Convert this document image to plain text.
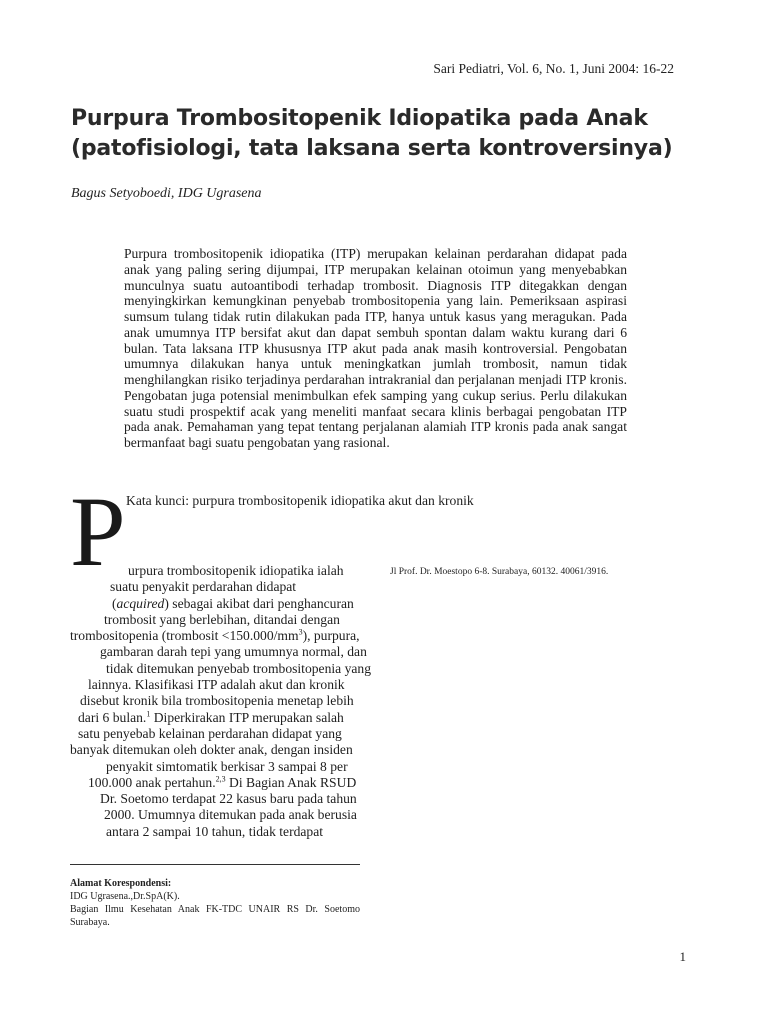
Sari Pediatri, Vol. 6, No. 1, Juni 2004: 16-22
Purpura Trombositopenik Idiopatika pada Anak
(patofisiologi, tata laksana serta kontroversinya)
Bagus Setyoboedi, IDG Ugrasena

Purpura trombositopenik idiopatika (ITP) merupakan kelainan perdarahan didapat pada anak yang paling sering dijumpai, ITP merupakan kelainan otoimun yang menyebabkan munculnya suatu autoantibodi terhadap trombosit. Diagnosis ITP ditegakkan dengan menyingkirkan kemungkinan penyebab trombositopenia yang lain. Pemeriksaan aspirasi sumsum tulang tidak rutin dilakukan pada ITP, hanya untuk kasus yang meragukan. Pada anak umumnya ITP bersifat akut dan dapat sembuh spontan dalam waktu kurang dari 6 bulan. Tata laksana ITP khususnya ITP akut pada anak masih kontroversial. Pengobatan umumnya dilakukan hanya untuk meningkatkan jumlah trombosit, namun tidak menghilangkan risiko terjadinya perdarahan intrakranial dan perjalanan menjadi ITP kronis. Pengobatan juga potensial menimbulkan efek samping yang cukup serius. Perlu dilakukan suatu studi prospektif acak yang meneliti manfaat secara klinis berbagai pengobatan ITP pada anak. Pemahaman yang tepat tentang perjalanan alamiah ITP kronis pada anak sangat bermanfaat bagi suatu pengobatan yang rasional.

Kata kunci: purpura trombositopenik idiopatika akut dan kronik
P	Jl Prof. Dr. Moestopo 6-8. Surabaya, 60132. 40061/3916.
urpura trombositopenik idiopatika ialah
suatu penyakit perdarahan didapat
(acquired) sebagai akibat dari penghancuran
trombosit yang berlebihan, ditandai dengan
trombositopenia (trombosit $<150.000/mm^3$), purpura,
gambaran darah tepi yang umumnya normal, dan
tidak ditemukan penyebab trombositopenia yang
lainnya. Klasifikasi ITP adalah akut dan kronik
disebut kronik bila trombositopenia menetap lebih
dari 6 bulan.$^1$ Diperkirakan ITP merupakan salah
satu penyebab kelainan perdarahan didapat yang
banyak ditemukan oleh dokter anak, dengan insiden
penyakit simtomatik berkisar 3 sampai 8 per
100.000 anak pertahun.$^{2,3}$ Di Bagian Anak RSUD
Dr. Soetomo terdapat 22 kasus baru pada tahun
2000. Umumnya ditemukan pada anak berusia
antara 2 sampai 10 tahun, tidak terdapat
Alamat Korespondensi:
IDG Ugrasena.,Dr.SpA(K).
Bagian Ilmu Kesehatan Anak FK-TDC UNAIR RS Dr. Soetomo
Surabaya.
1
